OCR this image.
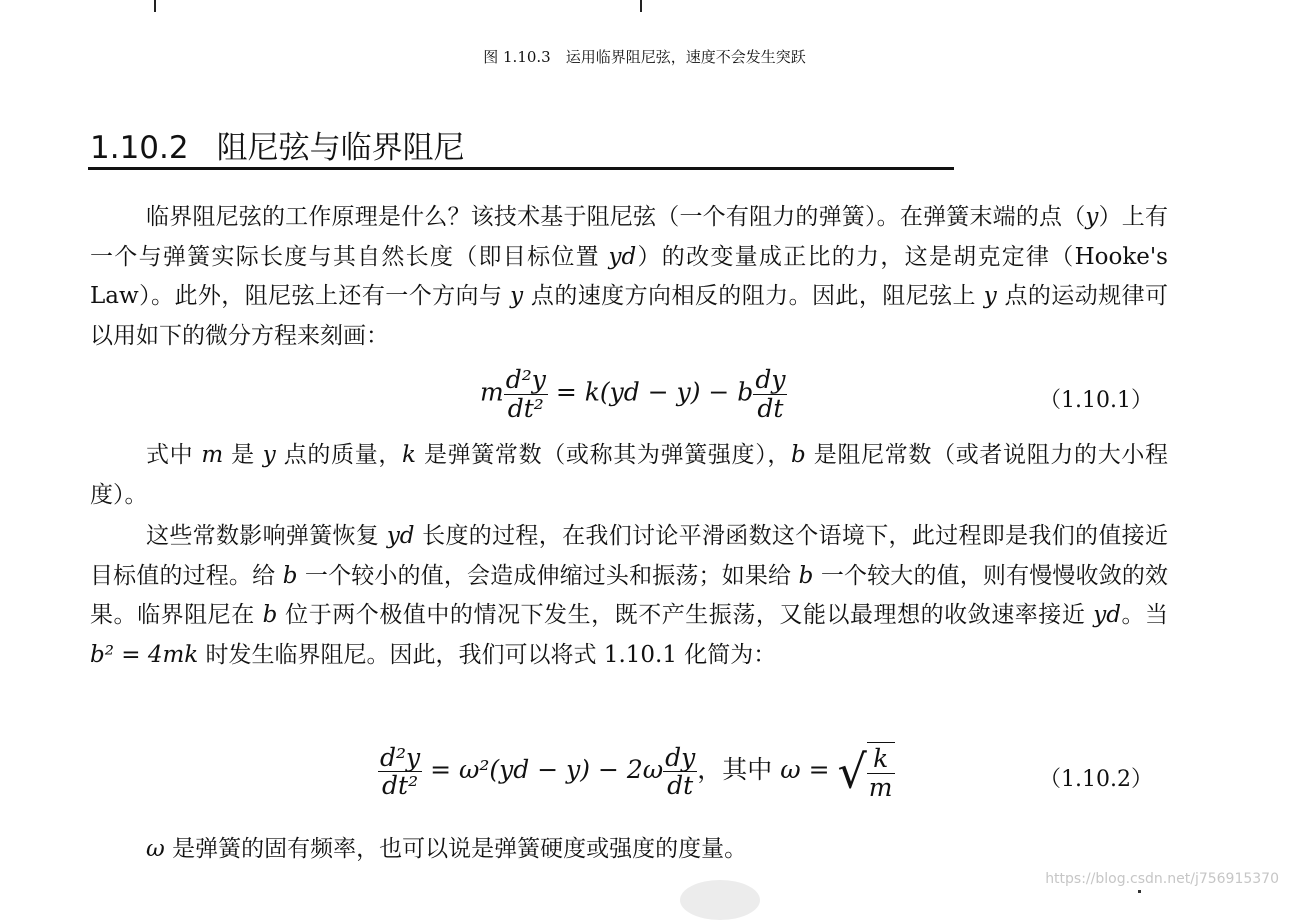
图 1.10.3　运用临界阻尼弦，速度不会发生突跃
1.10.2 阻尼弦与临界阻尼
临界阻尼弦的工作原理是什么？该技术基于阻尼弦（一个有阻力的弹簧）。在弹簧末端的点（y）上有一个与弹簧实际长度与其自然长度（即目标位置 yd）的改变量成正比的力，这是胡克定律（Hooke's Law）。此外，阻尼弦上还有一个方向与 y 点的速度方向相反的阻力。因此，阻尼弦上 y 点的运动规律可以用如下的微分方程来刻画：
m $\frac{\text{d²y}}{\text{dt²}} = k(yd - y) - b \frac{dy}{dt}$	（1.10.1）
式中 m 是 y 点的质量，k 是弹簧常数（或称其为弹簧强度），b 是阻尼常数（或者说阻力的大小程度）。
这些常数影响弹簧恢复 yd 长度的过程，在我们讨论平滑函数这个语境下，此过程即是我们的值接近目标值的过程。给 b 一个较小的值，会造成伸缩过头和振荡；如果给 b 一个较大的值，则有慢慢收敛的效果。临界阻尼在 b 位于两个极值中的情况下发生，既不产生振荡，又能以最理想的收敛速率接近 yd。当 b² = 4mk 时发生临界阻尼。因此，我们可以将式 1.10.1 化简为：
$\frac{\text{d²y}}{\text{dt²}} = \omega^2(yd - y) - 2\omega \frac{dy}{dt}$ ，其中 ω = √ $\frac{k}{m}$	（1.10.2）
ω 是弹簧的固有频率，也可以说是弹簧硬度或强度的度量。
https://blog.csdn.net/j756915370
